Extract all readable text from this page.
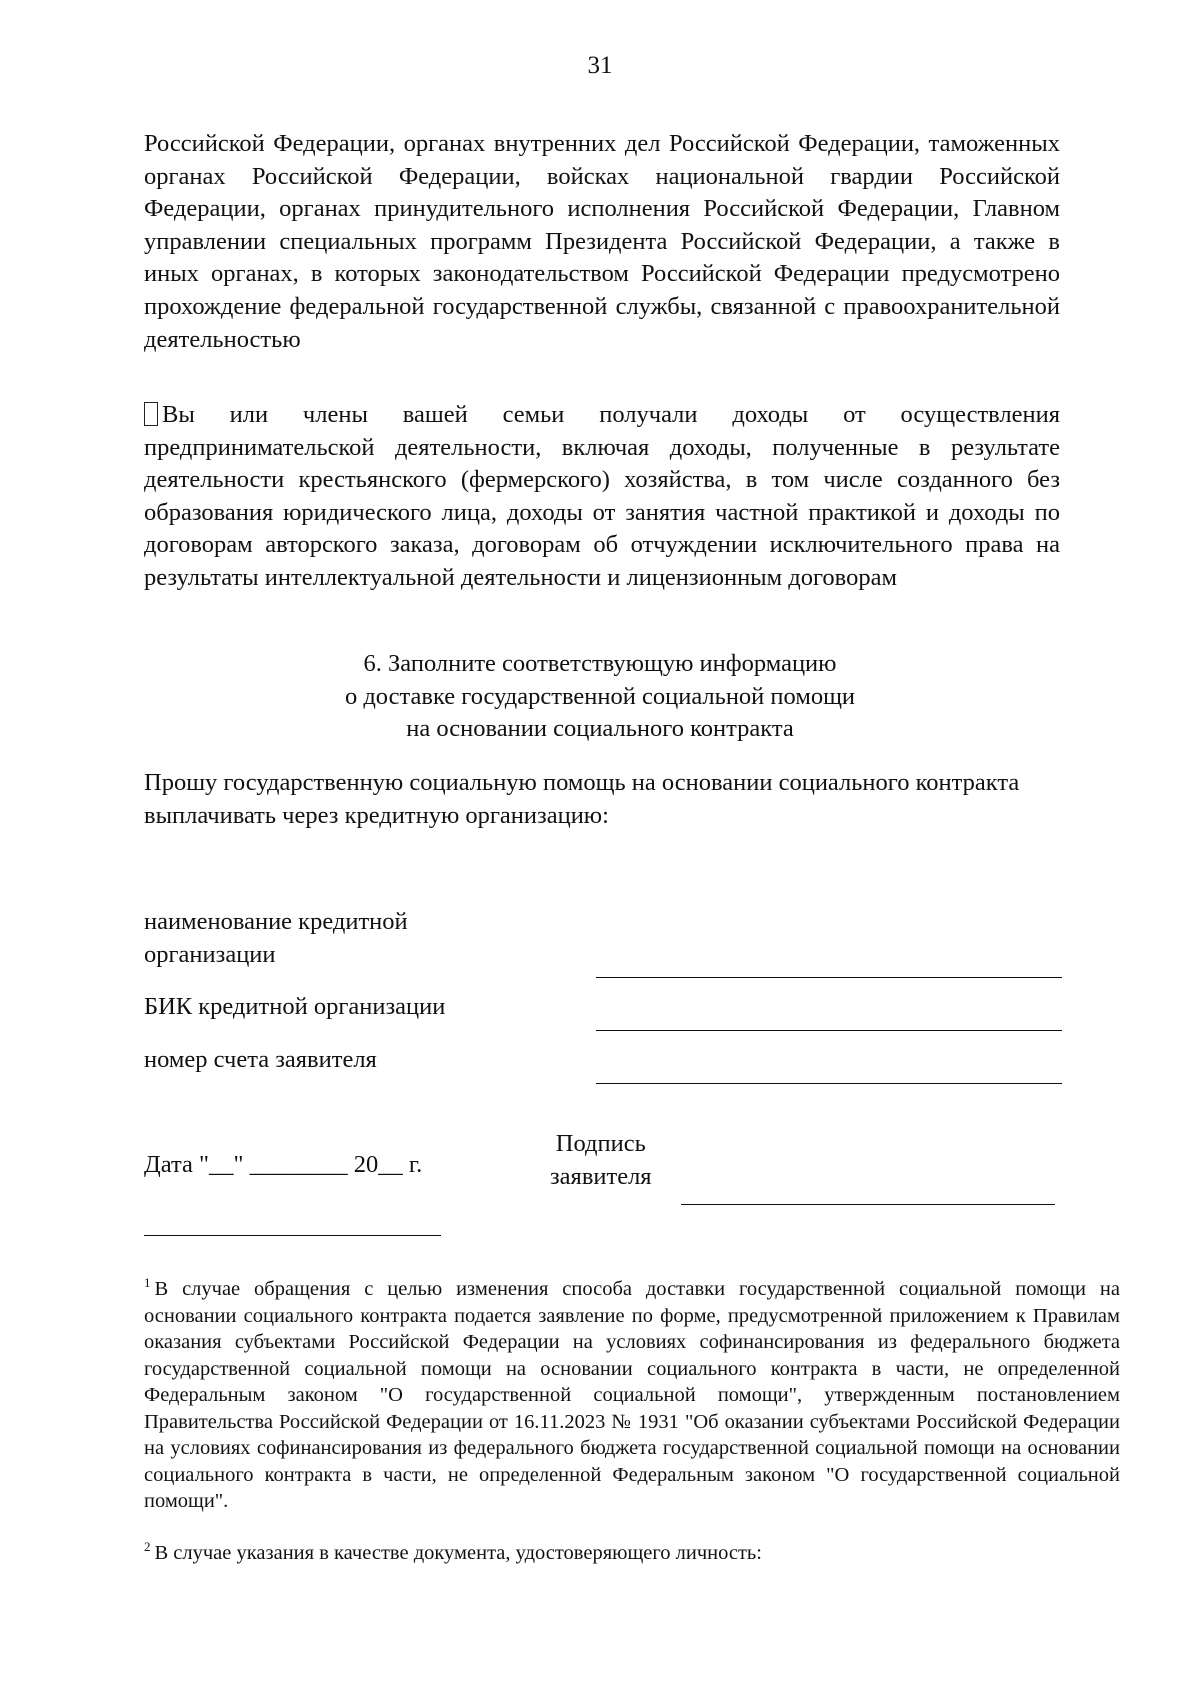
31
Российской Федерации, органах внутренних дел Российской Федерации, таможенных органах Российской Федерации, войсках национальной гвардии Российской Федерации, органах принудительного исполнения Российской Федерации, Главном управлении специальных программ Президента Российской Федерации, а также в иных органах, в которых законодательством Российской Федерации предусмотрено прохождение федеральной государственной службы, связанной с правоохранительной деятельностью
Вы или члены вашей семьи получали доходы от осуществления предпринимательской деятельности, включая доходы, полученные в результате деятельности крестьянского (фермерского) хозяйства, в том числе созданного без образования юридического лица, доходы от занятия частной практикой и доходы по договорам авторского заказа, договорам об отчуждении исключительного права на результаты интеллектуальной деятельности и лицензионным договорам
6. Заполните соответствующую информацию
о доставке государственной социальной помощи
на основании социального контракта
Прошу государственную социальную помощь на основании социального контракта выплачивать через кредитную организацию:
наименование кредитной
организации
БИК кредитной организации
номер счета заявителя
Дата "__" ________ 20__ г.
Подпись
заявителя
$^1$ В случае обращения с целью изменения способа доставки государственной социальной помощи на основании социального контракта подается заявление по форме, предусмотренной приложением к Правилам оказания субъектами Российской Федерации на условиях софинансирования из федерального бюджета государственной социальной помощи на основании социального контракта в части, не определенной Федеральным законом "О государственной социальной помощи", утвержденным постановлением Правительства Российской Федерации от 16.11.2023 № 1931 "Об оказании субъектами Российской Федерации на условиях софинансирования из федерального бюджета государственной социальной помощи на основании социального контракта в части, не определенной Федеральным законом "О государственной социальной помощи".
$^2$ В случае указания в качестве документа, удостоверяющего личность:
